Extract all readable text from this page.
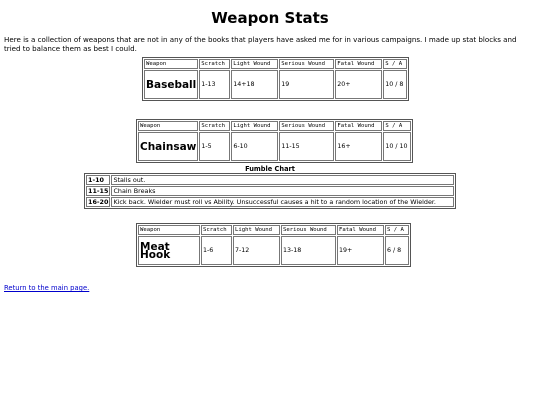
Weapon Stats

Here is a collection of weapons that are not in any of the books that players have asked me for in various campaigns. I made up stat blocks and tried to balance them as best I could.

Weapon	Scratch	Light Wound	Serious Wound	Fatal Wound	S / A
Baseball	1-13	14+18	19	20+	10 / 8
Weapon	Scratch	Light Wound	Serious Wound	Fatal Wound	S / A
Chainsaw	1-5	6-10	11-15	16+	10 / 10
Fumble Chart
1-10	Stalls out.
11-15	Chain Breaks
16-20	Kick back. Wielder must roll vs Ability. Unsuccessful causes a hit to a random location of the Wielder.
Weapon	Scratch	Light Wound	Serious Wound	Fatal Wound	S / A
Meat Hook	1-6	7-12	13-18	19+	6 / 8
Return to the main page.
